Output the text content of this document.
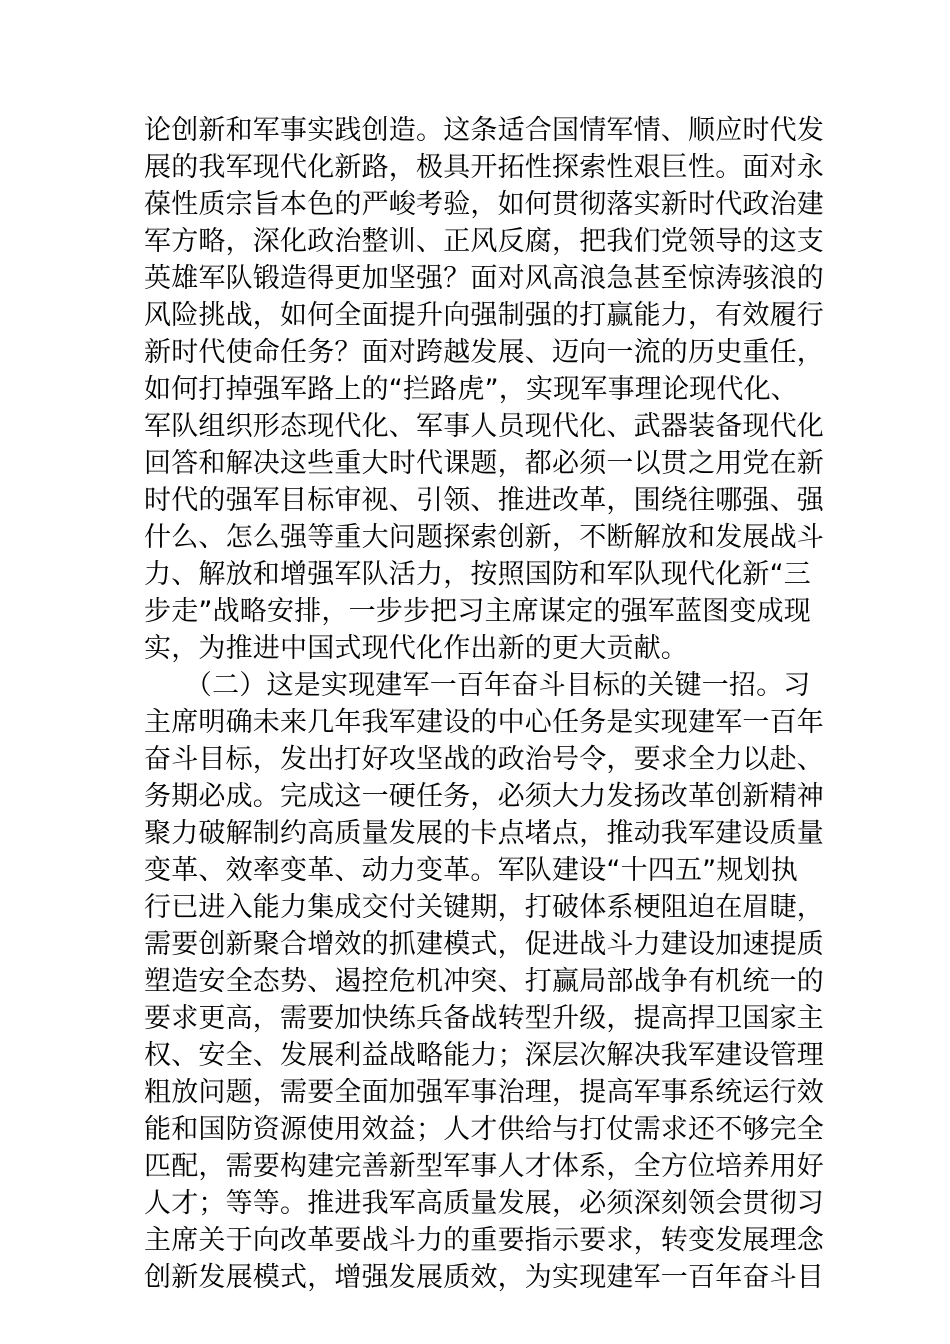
论创新和军事实践创造。这条适合国情军情、顺应时代发
展的我军现代化新路，极具开拓性探索性艰巨性。面对永
葆性质宗旨本色的严峻考验，如何贯彻落实新时代政治建
军方略，深化政治整训、正风反腐，把我们党领导的这支
英雄军队锻造得更加坚强？面对风高浪急甚至惊涛骇浪的
风险挑战，如何全面提升向强制强的打赢能力，有效履行
新时代使命任务？面对跨越发展、迈向一流的历史重任，
如何打掉强军路上的“拦路虎”，实现军事理论现代化、
军队组织形态现代化、军事人员现代化、武器装备现代化
回答和解决这些重大时代课题，都必须一以贯之用党在新
时代的强军目标审视、引领、推进改革，围绕往哪强、强
什么、怎么强等重大问题探索创新，不断解放和发展战斗
力、解放和增强军队活力，按照国防和军队现代化新“三
步走”战略安排，一步步把习主席谋定的强军蓝图变成现
实，为推进中国式现代化作出新的更大贡献。
　　（二）这是实现建军一百年奋斗目标的关键一招。习
主席明确未来几年我军建设的中心任务是实现建军一百年
奋斗目标，发出打好攻坚战的政治号令，要求全力以赴、
务期必成。完成这一硬任务，必须大力发扬改革创新精神
聚力破解制约高质量发展的卡点堵点，推动我军建设质量
变革、效率变革、动力变革。军队建设“十四五”规划执
行已进入能力集成交付关键期，打破体系梗阻迫在眉睫，
需要创新聚合增效的抓建模式，促进战斗力建设加速提质
塑造安全态势、遏控危机冲突、打赢局部战争有机统一的
要求更高，需要加快练兵备战转型升级，提高捍卫国家主
权、安全、发展利益战略能力；深层次解决我军建设管理
粗放问题，需要全面加强军事治理，提高军事系统运行效
能和国防资源使用效益；人才供给与打仗需求还不够完全
匹配，需要构建完善新型军事人才体系，全方位培养用好
人才；等等。推进我军高质量发展，必须深刻领会贯彻习
主席关于向改革要战斗力的重要指示要求，转变发展理念
创新发展模式，增强发展质效，为实现建军一百年奋斗目
